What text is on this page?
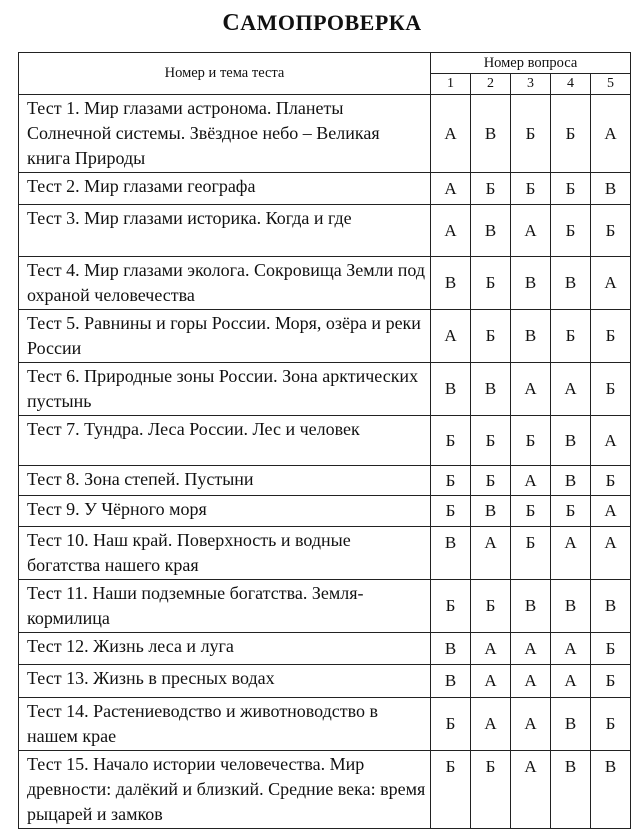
САМОПРОВЕРКА
Номер и тема теста	Номер вопроса				
	1	2	3	4	5
Тест 1. Мир глазами астронома. Планеты Солнечной системы. Звёздное небо – Великая книга Природы	А	В	Б	Б	А
Тест 2. Мир глазами географа	А	Б	Б	Б	В
Тест 3. Мир глазами историка. Когда и где	А	В	А	Б	Б
Тест 4. Мир глазами эколога. Сокровища Земли под охраной человечества	В	Б	В	В	А
Тест 5. Равнины и горы России. Моря, озёра и реки России	А	Б	В	Б	Б
Тест 6. Природные зоны России. Зона арктических пустынь	В	В	А	А	Б
Тест 7. Тундра. Леса России. Лес и человек	Б	Б	Б	В	А
Тест 8. Зона степей. Пустыни	Б	Б	А	В	Б
Тест 9. У Чёрного моря	Б	В	Б	Б	А
Тест 10. Наш край. Поверхность и водные богатства нашего края	В	А	Б	А	А
Тест 11. Наши подземные богатства. Земля-кормилица	Б	Б	В	В	В
Тест 12. Жизнь леса и луга	В	А	А	А	Б
Тест 13. Жизнь в пресных водах	В	А	А	А	Б
Тест 14. Растениеводство и животноводство в нашем крае	Б	А	А	В	Б
Тест 15. Начало истории человечества. Мир древности: далёкий и близкий. Средние века: время рыцарей и замков	Б	Б	А	В	В
